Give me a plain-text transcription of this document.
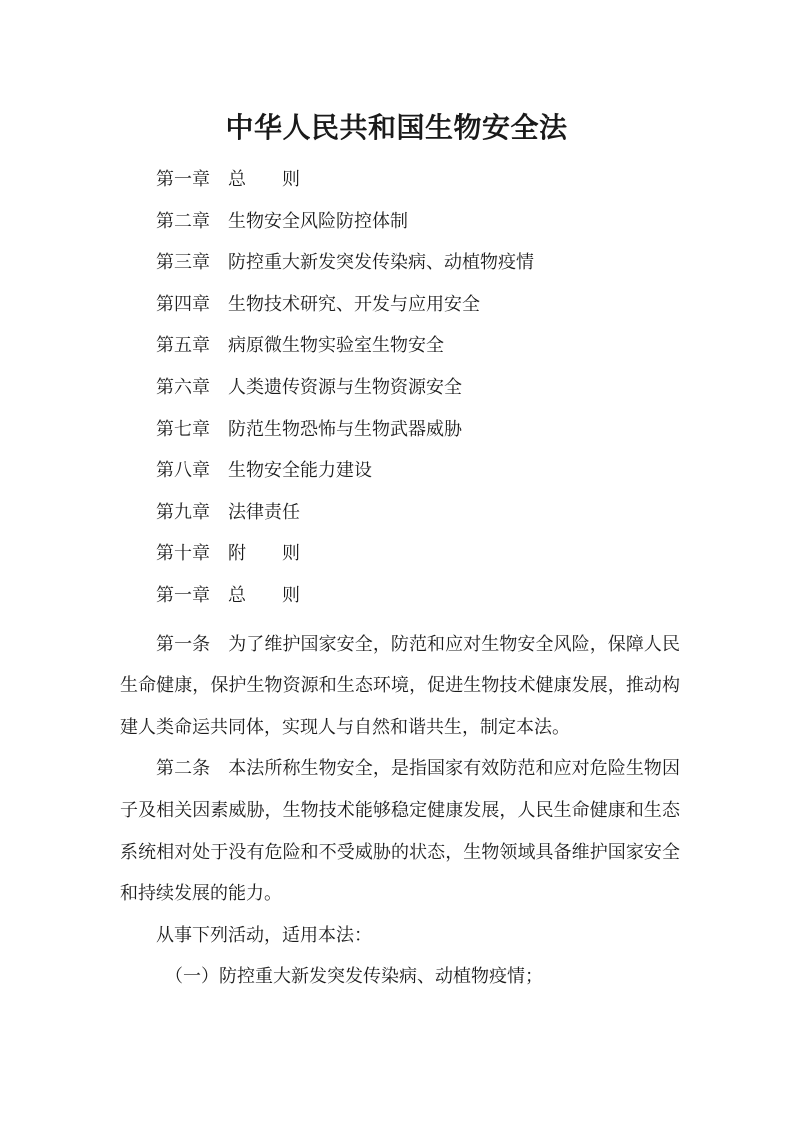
中华人民共和国生物安全法
第一章 总　　则
第二章 生物安全风险防控体制
第三章 防控重大新发突发传染病、动植物疫情
第四章 生物技术研究、开发与应用安全
第五章 病原微生物实验室生物安全
第六章 人类遗传资源与生物资源安全
第七章 防范生物恐怖与生物武器威胁
第八章 生物安全能力建设
第九章 法律责任
第十章 附　　则

第一章 总　　则

第一条 为了维护国家安全，防范和应对生物安全风险，保障人民生命健康，保护生物资源和生态环境，促进生物技术健康发展，推动构建人类命运共同体，实现人与自然和谐共生，制定本法。

第二条 本法所称生物安全，是指国家有效防范和应对危险生物因子及相关因素威胁，生物技术能够稳定健康发展，人民生命健康和生态系统相对处于没有危险和不受威胁的状态，生物领域具备维护国家安全和持续发展的能力。

从事下列活动，适用本法：

（一）防控重大新发突发传染病、动植物疫情；
